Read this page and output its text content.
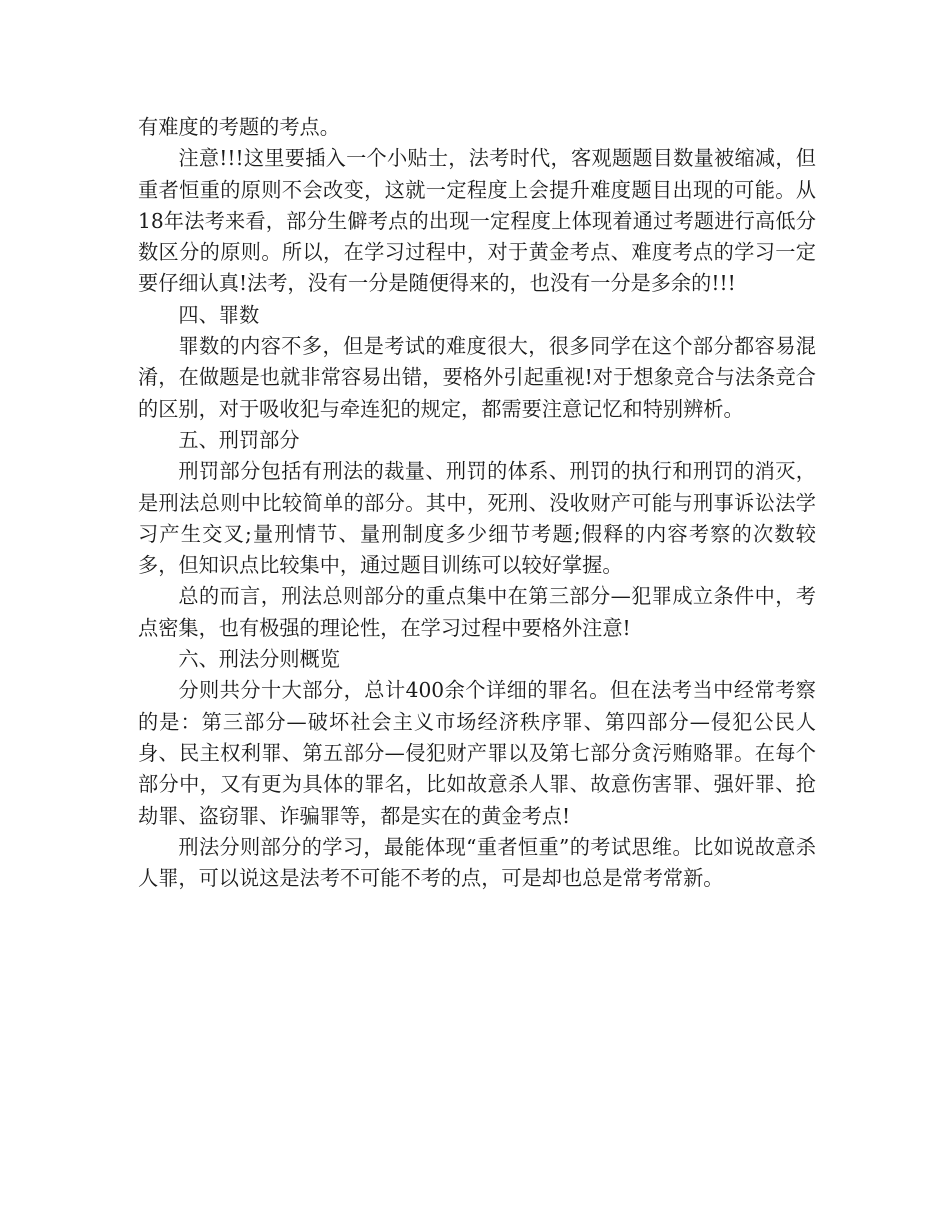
有难度的考题的考点。

注意!!!这里要插入一个小贴士，法考时代，客观题题目数量被缩减，但重者恒重的原则不会改变，这就一定程度上会提升难度题目出现的可能。从18年法考来看，部分生僻考点的出现一定程度上体现着通过考题进行高低分数区分的原则。所以，在学习过程中，对于黄金考点、难度考点的学习一定要仔细认真!法考，没有一分是随便得来的，也没有一分是多余的!!!

四、罪数

罪数的内容不多，但是考试的难度很大，很多同学在这个部分都容易混淆，在做题是也就非常容易出错，要格外引起重视!对于想象竞合与法条竞合的区别，对于吸收犯与牵连犯的规定，都需要注意记忆和特别辨析。

五、刑罚部分

刑罚部分包括有刑法的裁量、刑罚的体系、刑罚的执行和刑罚的消灭，是刑法总则中比较简单的部分。其中，死刑、没收财产可能与刑事诉讼法学习产生交叉;量刑情节、量刑制度多少细节考题;假释的内容考察的次数较多，但知识点比较集中，通过题目训练可以较好掌握。

总的而言，刑法总则部分的重点集中在第三部分—犯罪成立条件中，考点密集，也有极强的理论性，在学习过程中要格外注意!

六、刑法分则概览

分则共分十大部分，总计400余个详细的罪名。但在法考当中经常考察的是：第三部分—破坏社会主义市场经济秩序罪、第四部分—侵犯公民人身、民主权利罪、第五部分—侵犯财产罪以及第七部分贪污贿赂罪。在每个部分中，又有更为具体的罪名，比如故意杀人罪、故意伤害罪、强奸罪、抢劫罪、盗窃罪、诈骗罪等，都是实在的黄金考点!

刑法分则部分的学习，最能体现“重者恒重”的考试思维。比如说故意杀人罪，可以说这是法考不可能不考的点，可是却也总是常考常新。
